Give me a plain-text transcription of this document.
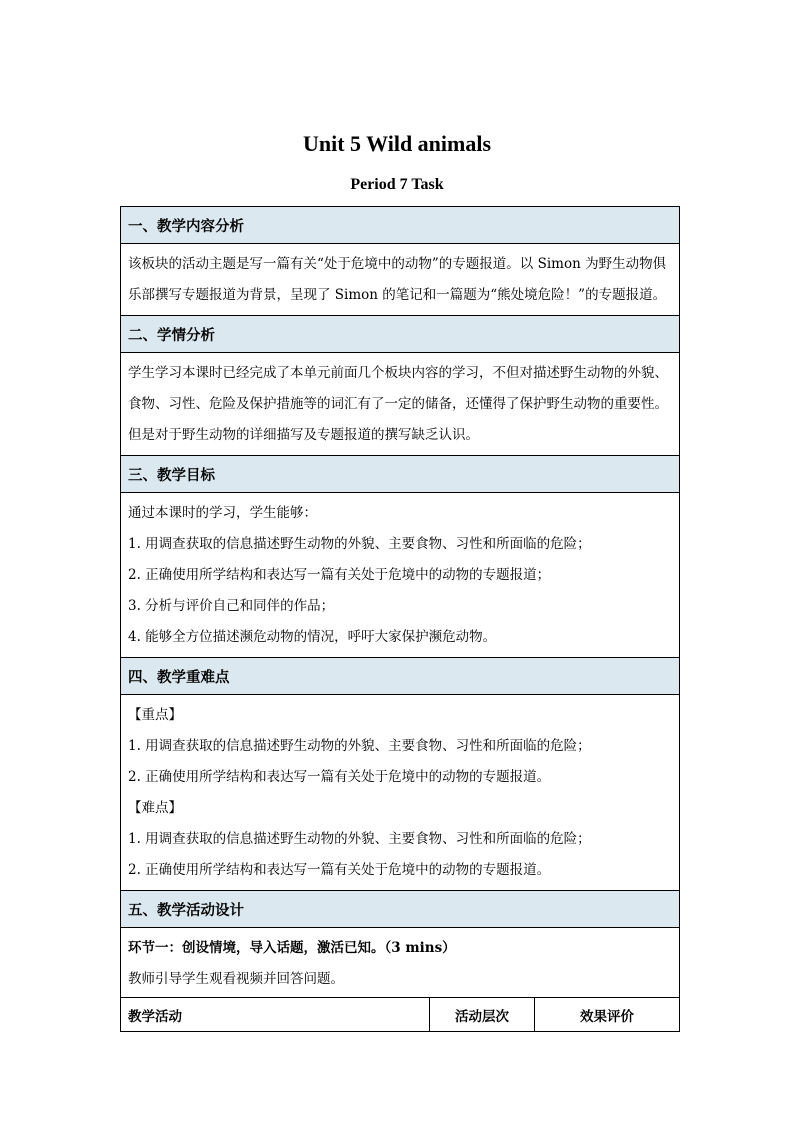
Unit 5 Wild animals
Period 7 Task
一、教学内容分析

该板块的活动主题是写一篇有关“处于危境中的动物”的专题报道。以 Simon 为野生动物俱乐部撰写专题报道为背景，呈现了 Simon 的笔记和一篇题为“熊处境危险！”的专题报道。

二、学情分析

学生学习本课时已经完成了本单元前面几个板块内容的学习，不但对描述野生动物的外貌、食物、习性、危险及保护措施等的词汇有了一定的储备，还懂得了保护野生动物的重要性。但是对于野生动物的详细描写及专题报道的撰写缺乏认识。

三、教学目标

通过本课时的学习，学生能够：

1. 用调查获取的信息描述野生动物的外貌、主要食物、习性和所面临的危险；

2. 正确使用所学结构和表达写一篇有关处于危境中的动物的专题报道；

3. 分析与评价自己和同伴的作品；

4. 能够全方位描述濒危动物的情况，呼吁大家保护濒危动物。

四、教学重难点

【重点】

1. 用调查获取的信息描述野生动物的外貌、主要食物、习性和所面临的危险；

2. 正确使用所学结构和表达写一篇有关处于危境中的动物的专题报道。

【难点】

1. 用调查获取的信息描述野生动物的外貌、主要食物、习性和所面临的危险；

2. 正确使用所学结构和表达写一篇有关处于危境中的动物的专题报道。

五、教学活动设计

环节一：创设情境，导入话题，激活已知。（3 mins）

教师引导学生观看视频并回答问题。

教学活动	活动层次	效果评价
